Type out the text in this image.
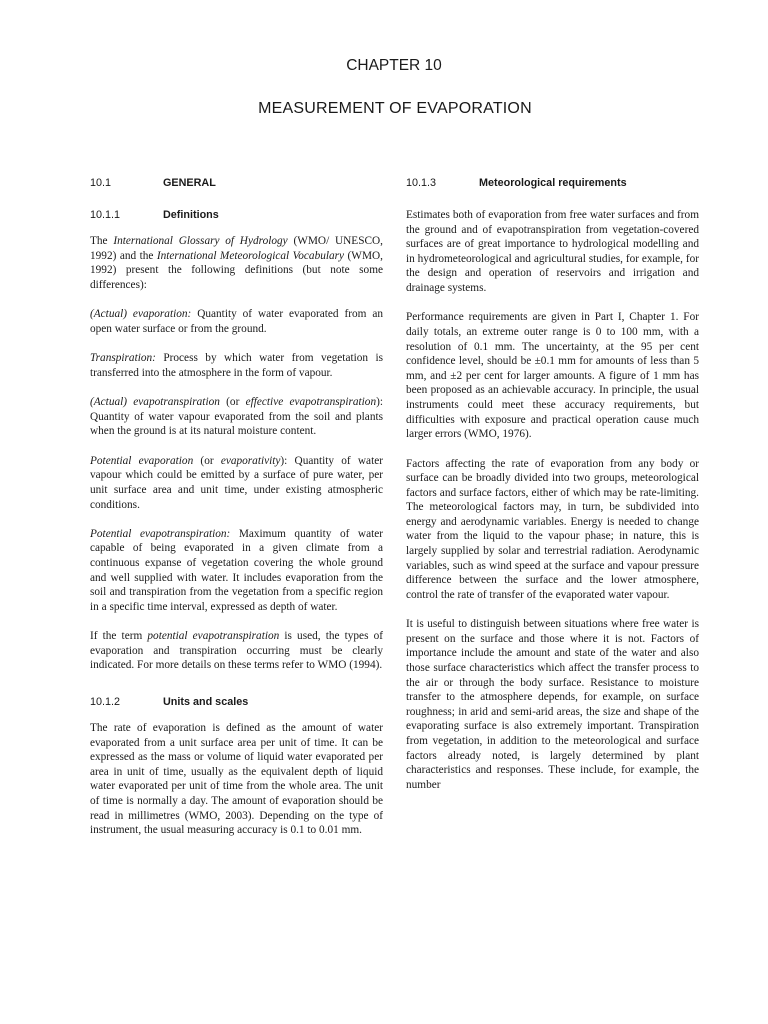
CHAPTER 10
MEASUREMENT OF EVAPORATION
10.1	GENERAL
10.1.1	Definitions

The International Glossary of Hydrology (WMO/ UNESCO, 1992) and the International Meteorological Vocabulary (WMO, 1992) present the following definitions (but note some differences):

(Actual) evaporation: Quantity of water evaporated from an open water surface or from the ground.

Transpiration: Process by which water from vegetation is transferred into the atmosphere in the form of vapour.

(Actual) evapotranspiration (or effective evapotranspiration): Quantity of water vapour evaporated from the soil and plants when the ground is at its natural moisture content.

Potential evaporation (or evaporativity): Quantity of water vapour which could be emitted by a surface of pure water, per unit surface area and unit time, under existing atmospheric conditions.

Potential evapotranspiration: Maximum quantity of water capable of being evaporated in a given climate from a continuous expanse of vegetation covering the whole ground and well supplied with water. It includes evaporation from the soil and transpiration from the vegetation from a specific region in a specific time interval, expressed as depth of water.

If the term potential evapotranspiration is used, the types of evaporation and transpiration occurring must be clearly indicated. For more details on these terms refer to WMO (1994).

10.1.2	Units and scales

The rate of evaporation is defined as the amount of water evaporated from a unit surface area per unit of time. It can be expressed as the mass or volume of liquid water evaporated per area in unit of time, usually as the equivalent depth of liquid water evaporated per unit of time from the whole area. The unit of time is normally a day. The amount of evaporation should be read in millimetres (WMO, 2003). Depending on the type of instrument, the usual measuring accuracy is 0.1 to 0.01 mm.

10.1.3	Meteorological requirements

Estimates both of evaporation from free water surfaces and from the ground and of evapotranspiration from vegetation-covered surfaces are of great importance to hydrological modelling and in hydrometeorological and agricultural studies, for example, for the design and operation of reservoirs and irrigation and drainage systems.

Performance requirements are given in Part I, Chapter 1. For daily totals, an extreme outer range is 0 to 100 mm, with a resolution of 0.1 mm. The uncertainty, at the 95 per cent confidence level, should be ±0.1 mm for amounts of less than 5 mm, and ±2 per cent for larger amounts. A figure of 1 mm has been proposed as an achievable accuracy. In principle, the usual instruments could meet these accuracy requirements, but difficulties with exposure and practical operation cause much larger errors (WMO, 1976).

Factors affecting the rate of evaporation from any body or surface can be broadly divided into two groups, meteorological factors and surface factors, either of which may be rate-limiting. The meteorological factors may, in turn, be subdivided into energy and aerodynamic variables. Energy is needed to change water from the liquid to the vapour phase; in nature, this is largely supplied by solar and terrestrial radiation. Aerodynamic variables, such as wind speed at the surface and vapour pressure difference between the surface and the lower atmosphere, control the rate of transfer of the evaporated water vapour.

It is useful to distinguish between situations where free water is present on the surface and those where it is not. Factors of importance include the amount and state of the water and also those surface characteristics which affect the transfer process to the air or through the body surface. Resistance to moisture transfer to the atmosphere depends, for example, on surface roughness; in arid and semi-arid areas, the size and shape of the evaporating surface is also extremely important. Transpiration from vegetation, in addition to the meteorological and surface factors already noted, is largely determined by plant characteristics and responses. These include, for example, the number
